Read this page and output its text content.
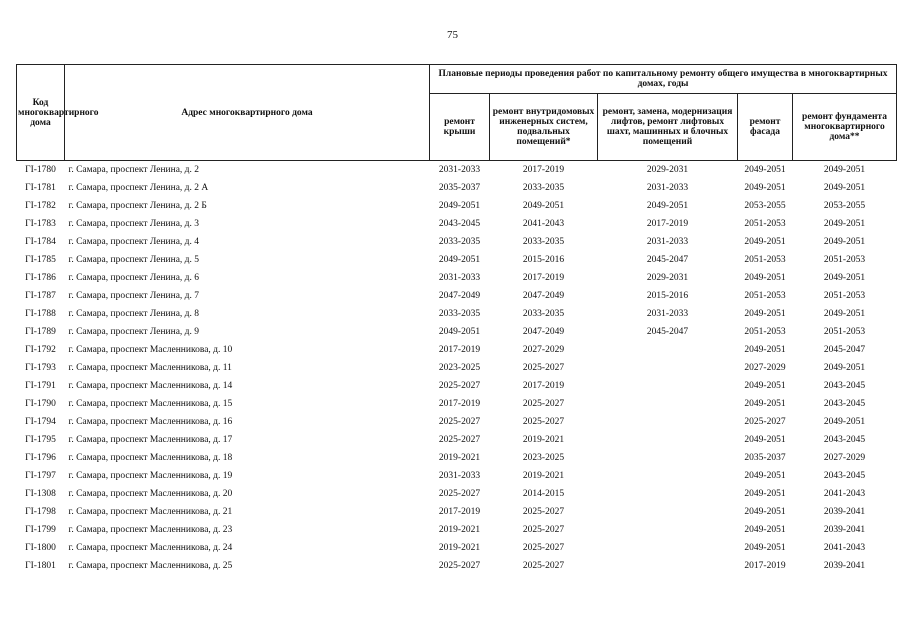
75
Код многоквартирного дома	Адрес многоквартирного дома	Плановые периоды проведения работ по капитальному ремонту общего имущества в многоквартирных домах, годы				
		ремонт крыши	ремонт внутридомовых инженерных систем, подвальных помещений*	ремонт, замена, модернизация лифтов, ремонт лифтовых шахт, машинных и блочных помещений	ремонт фасада	ремонт фундамента многоквартирного дома**
ГI-1780	г. Самара, проспект Ленина, д. 2	2031-2033	2017-2019	2029-2031	2049-2051	2049-2051
ГI-1781	г. Самара, проспект Ленина, д. 2 А	2035-2037	2033-2035	2031-2033	2049-2051	2049-2051
ГI-1782	г. Самара, проспект Ленина, д. 2 Б	2049-2051	2049-2051	2049-2051	2053-2055	2053-2055
ГI-1783	г. Самара, проспект Ленина, д. 3	2043-2045	2041-2043	2017-2019	2051-2053	2049-2051
ГI-1784	г. Самара, проспект Ленина, д. 4	2033-2035	2033-2035	2031-2033	2049-2051	2049-2051
ГI-1785	г. Самара, проспект Ленина, д. 5	2049-2051	2015-2016	2045-2047	2051-2053	2051-2053
ГI-1786	г. Самара, проспект Ленина, д. 6	2031-2033	2017-2019	2029-2031	2049-2051	2049-2051
ГI-1787	г. Самара, проспект Ленина, д. 7	2047-2049	2047-2049	2015-2016	2051-2053	2051-2053
ГI-1788	г. Самара, проспект Ленина, д. 8	2033-2035	2033-2035	2031-2033	2049-2051	2049-2051
ГI-1789	г. Самара, проспект Ленина, д. 9	2049-2051	2047-2049	2045-2047	2051-2053	2051-2053
ГI-1792	г. Самара, проспект Масленникова, д. 10	2017-2019	2027-2029		2049-2051	2045-2047
ГI-1793	г. Самара, проспект Масленникова, д. 11	2023-2025	2025-2027		2027-2029	2049-2051
ГI-1791	г. Самара, проспект Масленникова, д. 14	2025-2027	2017-2019		2049-2051	2043-2045
ГI-1790	г. Самара, проспект Масленникова, д. 15	2017-2019	2025-2027		2049-2051	2043-2045
ГI-1794	г. Самара, проспект Масленникова, д. 16	2025-2027	2025-2027		2025-2027	2049-2051
ГI-1795	г. Самара, проспект Масленникова, д. 17	2025-2027	2019-2021		2049-2051	2043-2045
ГI-1796	г. Самара, проспект Масленникова, д. 18	2019-2021	2023-2025		2035-2037	2027-2029
ГI-1797	г. Самара, проспект Масленникова, д. 19	2031-2033	2019-2021		2049-2051	2043-2045
ГI-1308	г. Самара, проспект Масленникова, д. 20	2025-2027	2014-2015		2049-2051	2041-2043
ГI-1798	г. Самара, проспект Масленникова, д. 21	2017-2019	2025-2027		2049-2051	2039-2041
ГI-1799	г. Самара, проспект Масленникова, д. 23	2019-2021	2025-2027		2049-2051	2039-2041
ГI-1800	г. Самара, проспект Масленникова, д. 24	2019-2021	2025-2027		2049-2051	2041-2043
ГI-1801	г. Самара, проспект Масленникова, д. 25	2025-2027	2025-2027		2017-2019	2039-2041
